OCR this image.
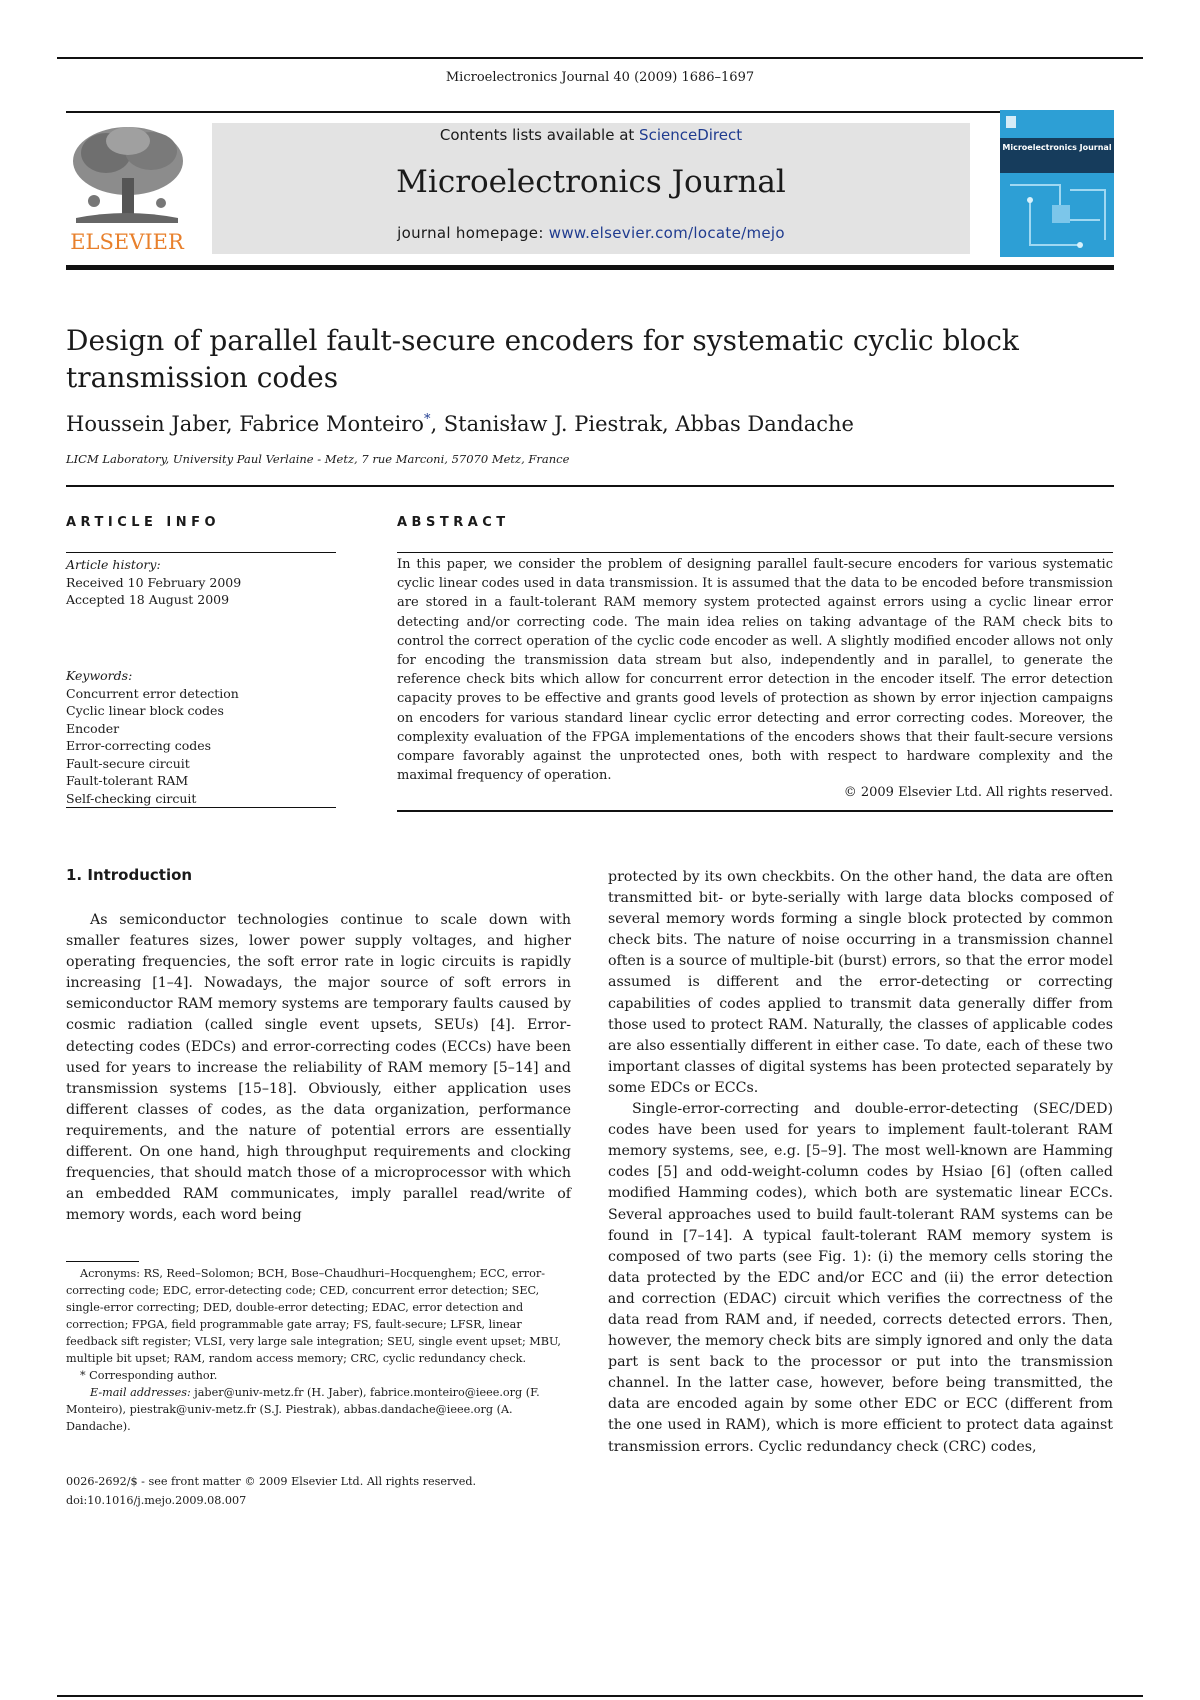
Microelectronics Journal 40 (2009) 1686–1697
ELSEVIER
Contents lists available at ScienceDirect
Microelectronics Journal
journal homepage: www.elsevier.com/locate/mejo
Microelectronics Journal
Design of parallel fault-secure encoders for systematic cyclic block transmission codes
Houssein Jaber, Fabrice Monteiro*, Stanisław J. Piestrak, Abbas Dandache
LICM Laboratory, University Paul Verlaine - Metz, 7 rue Marconi, 57070 Metz, France
ARTICLE INFO	ABSTRACT
Article history:
Received 10 February 2009
Accepted 18 August 2009
Keywords:
Concurrent error detection
Cyclic linear block codes
Encoder
Error-correcting codes
Fault-secure circuit
Fault-tolerant RAM
Self-checking circuit
In this paper, we consider the problem of designing parallel fault-secure encoders for various systematic cyclic linear codes used in data transmission. It is assumed that the data to be encoded before transmission are stored in a fault-tolerant RAM memory system protected against errors using a cyclic linear error detecting and/or correcting code. The main idea relies on taking advantage of the RAM check bits to control the correct operation of the cyclic code encoder as well. A slightly modified encoder allows not only for encoding the transmission data stream but also, independently and in parallel, to generate the reference check bits which allow for concurrent error detection in the encoder itself. The error detection capacity proves to be effective and grants good levels of protection as shown by error injection campaigns on encoders for various standard linear cyclic error detecting and error correcting codes. Moreover, the complexity evaluation of the FPGA implementations of the encoders shows that their fault-secure versions compare favorably against the unprotected ones, both with respect to hardware complexity and the maximal frequency of operation.
© 2009 Elsevier Ltd. All rights reserved.
1. Introduction

As semiconductor technologies continue to scale down with smaller features sizes, lower power supply voltages, and higher operating frequencies, the soft error rate in logic circuits is rapidly increasing [1–4]. Nowadays, the major source of soft errors in semiconductor RAM memory systems are temporary faults caused by cosmic radiation (called single event upsets, SEUs) [4]. Error-detecting codes (EDCs) and error-correcting codes (ECCs) have been used for years to increase the reliability of RAM memory [5–14] and transmission systems [15–18]. Obviously, either application uses different classes of codes, as the data organization, performance requirements, and the nature of potential errors are essentially different. On one hand, high throughput requirements and clocking frequencies, that should match those of a microprocessor with which an embedded RAM communicates, imply parallel read/write of memory words, each word being

protected by its own checkbits. On the other hand, the data are often transmitted bit- or byte-serially with large data blocks composed of several memory words forming a single block protected by common check bits. The nature of noise occurring in a transmission channel often is a source of multiple-bit (burst) errors, so that the error model assumed is different and the error-detecting or correcting capabilities of codes applied to transmit data generally differ from those used to protect RAM. Naturally, the classes of applicable codes are also essentially different in either case. To date, each of these two important classes of digital systems has been protected separately by some EDCs or ECCs.

Single-error-correcting and double-error-detecting (SEC/DED) codes have been used for years to implement fault-tolerant RAM memory systems, see, e.g. [5–9]. The most well-known are Hamming codes [5] and odd-weight-column codes by Hsiao [6] (often called modified Hamming codes), which both are systematic linear ECCs. Several approaches used to build fault-tolerant RAM systems can be found in [7–14]. A typical fault-tolerant RAM memory system is composed of two parts (see Fig. 1): (i) the memory cells storing the data protected by the EDC and/or ECC and (ii) the error detection and correction (EDAC) circuit which verifies the correctness of the data read from RAM and, if needed, corrects detected errors. Then, however, the memory check bits are simply ignored and only the data part is sent back to the processor or put into the transmission channel. In the latter case, however, before being transmitted, the data are encoded again by some other EDC or ECC (different from the one used in RAM), which is more efficient to protect data against transmission errors. Cyclic redundancy check (CRC) codes,

Acronyms: RS, Reed–Solomon; BCH, Bose–Chaudhuri–Hocquenghem; ECC, error-correcting code; EDC, error-detecting code; CED, concurrent error detection; SEC, single-error correcting; DED, double-error detecting; EDAC, error detection and correction; FPGA, field programmable gate array; FS, fault-secure; LFSR, linear feedback sift register; VLSI, very large sale integration; SEU, single event upset; MBU, multiple bit upset; RAM, random access memory; CRC, cyclic redundancy check.

* Corresponding author.

E-mail addresses: jaber@univ-metz.fr (H. Jaber), fabrice.monteiro@ieee.org (F. Monteiro), piestrak@univ-metz.fr (S.J. Piestrak), abbas.dandache@ieee.org (A. Dandache).

0026-2692/$ - see front matter © 2009 Elsevier Ltd. All rights reserved.
doi:10.1016/j.mejo.2009.08.007
